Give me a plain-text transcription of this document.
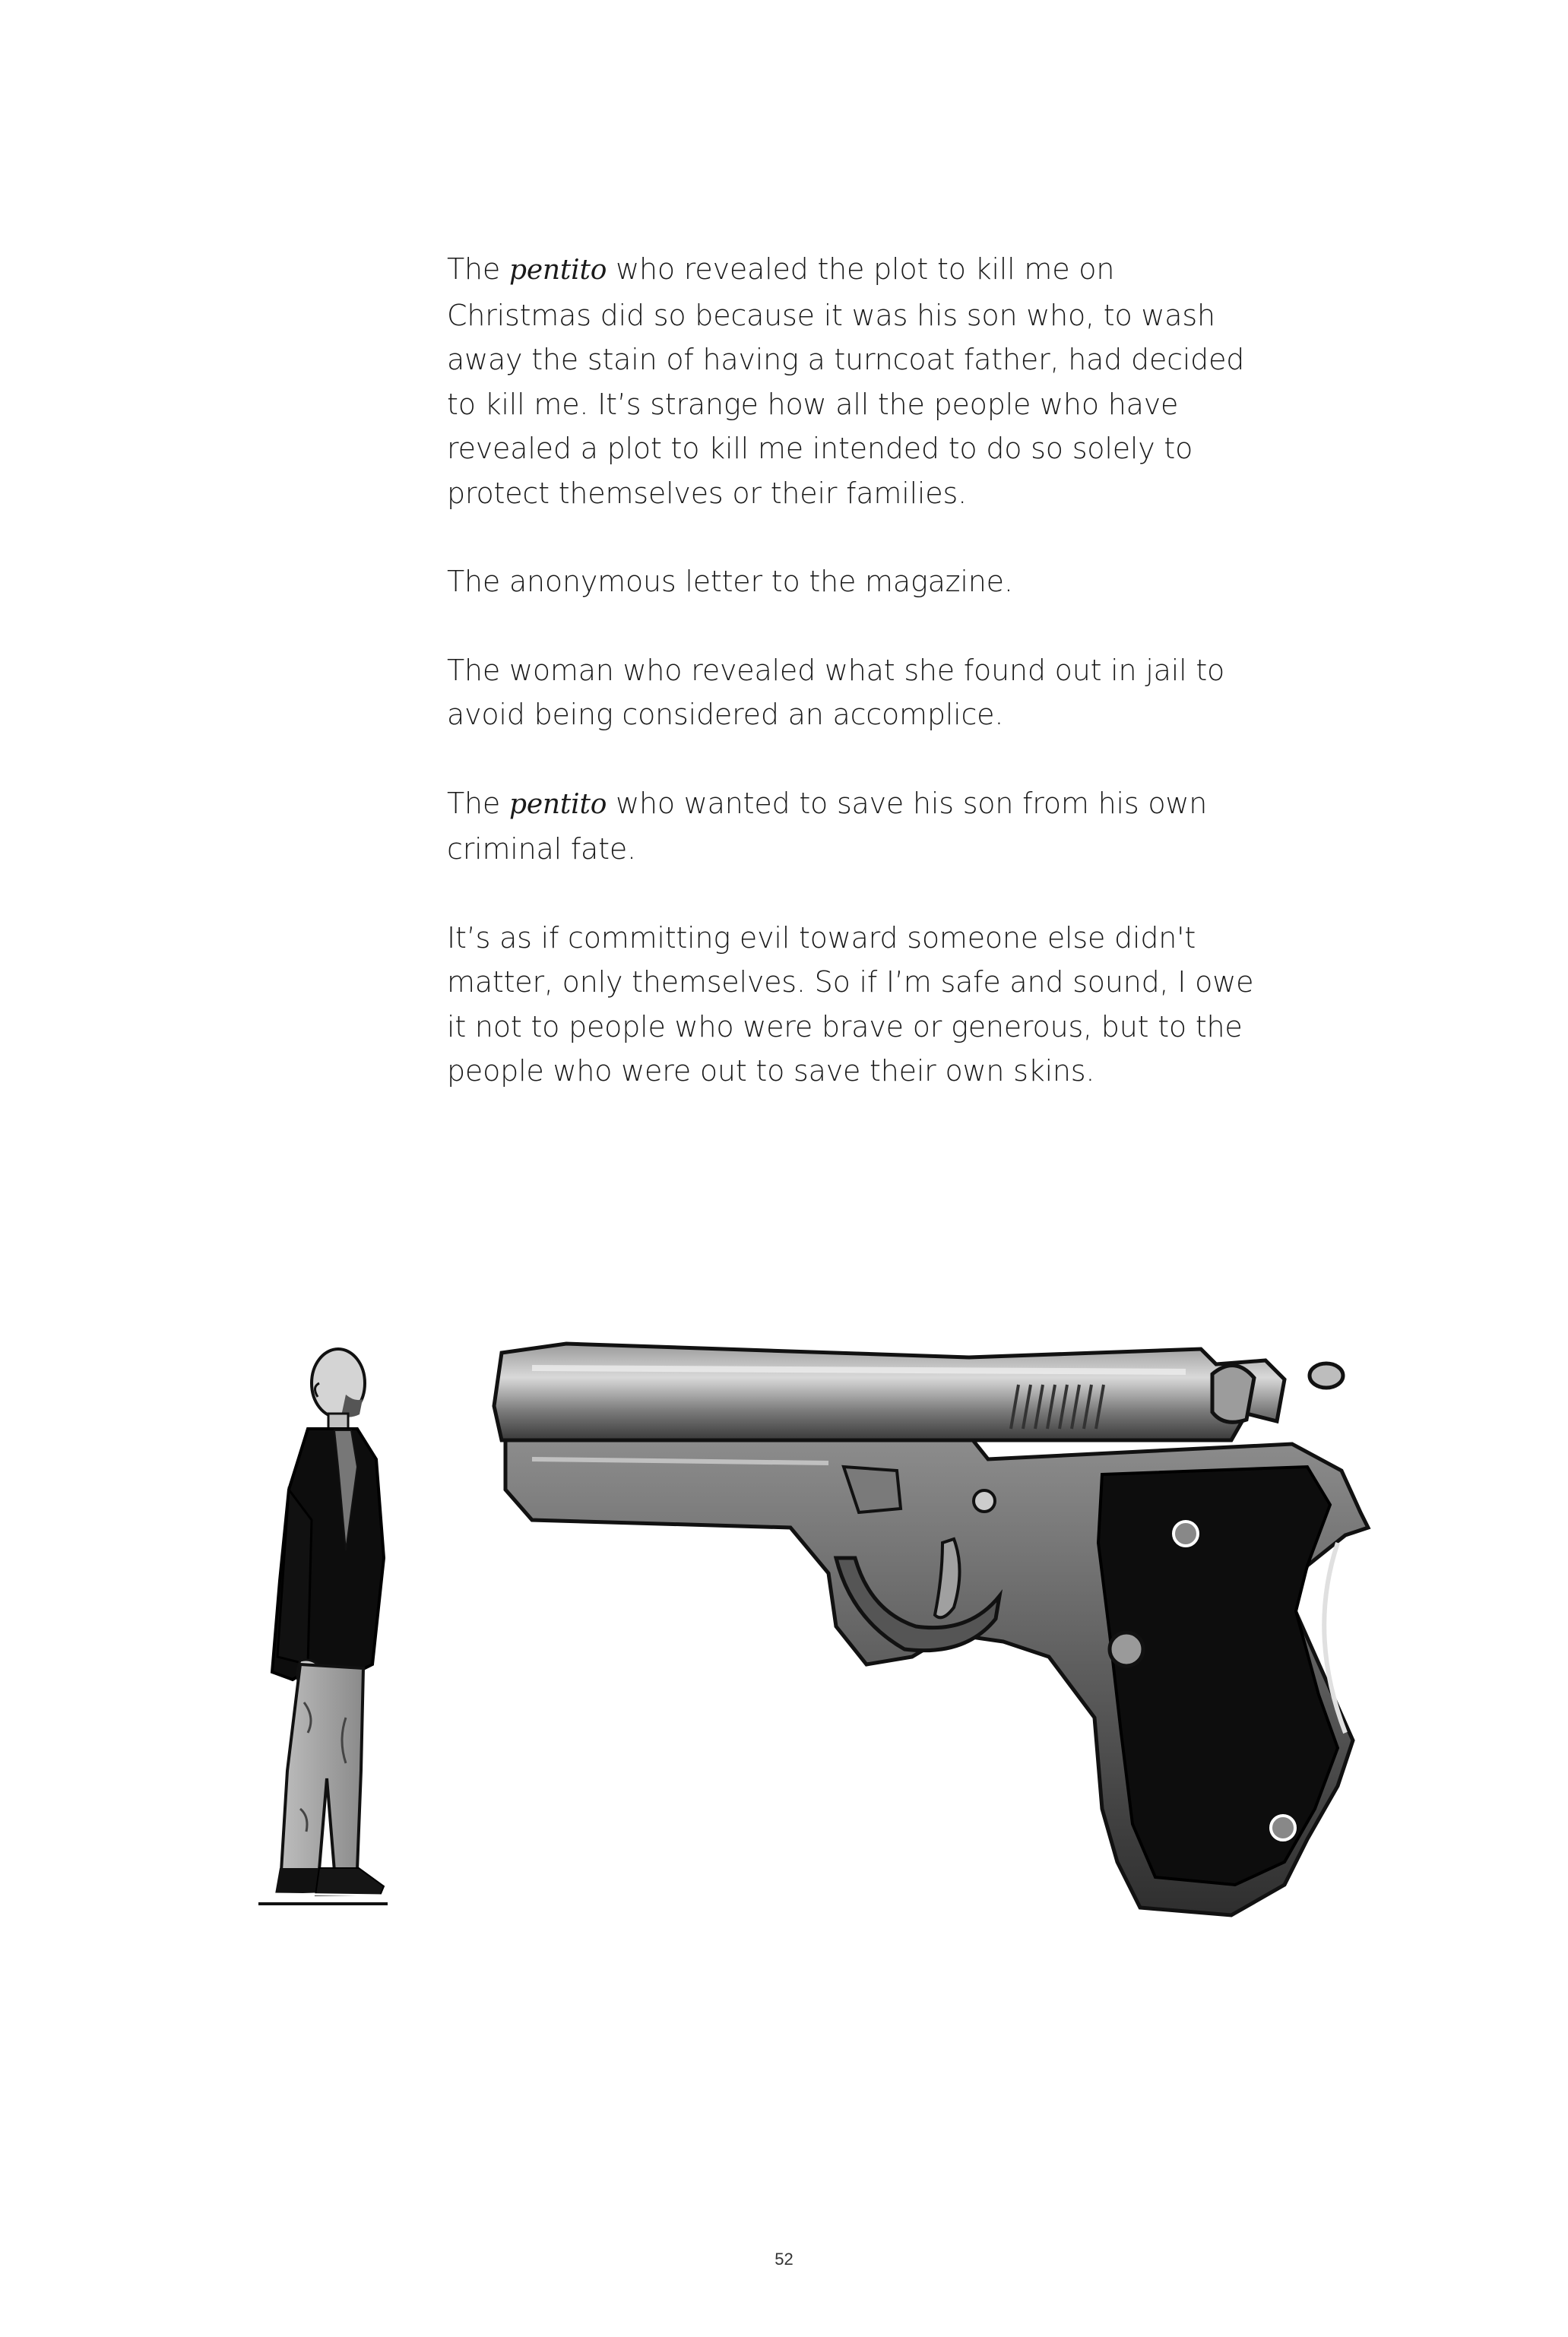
The pentito who revealed the plot to kill me on
Christmas did so because it was his son who, to wash
away the stain of having a turncoat father, had decided
to kill me. It’s strange how all the people who have
revealed a plot to kill me intended to do so solely to
protect themselves or their families.

The anonymous letter to the magazine.

The woman who revealed what she found out in jail to
avoid being considered an accomplice.

The pentito who wanted to save his son from his own
criminal fate.

It’s as if committing evil toward someone else didn't
matter, only themselves. So if I’m safe and sound, I owe
it not to people who were brave or generous, but to the
people who were out to save their own skins.

52
